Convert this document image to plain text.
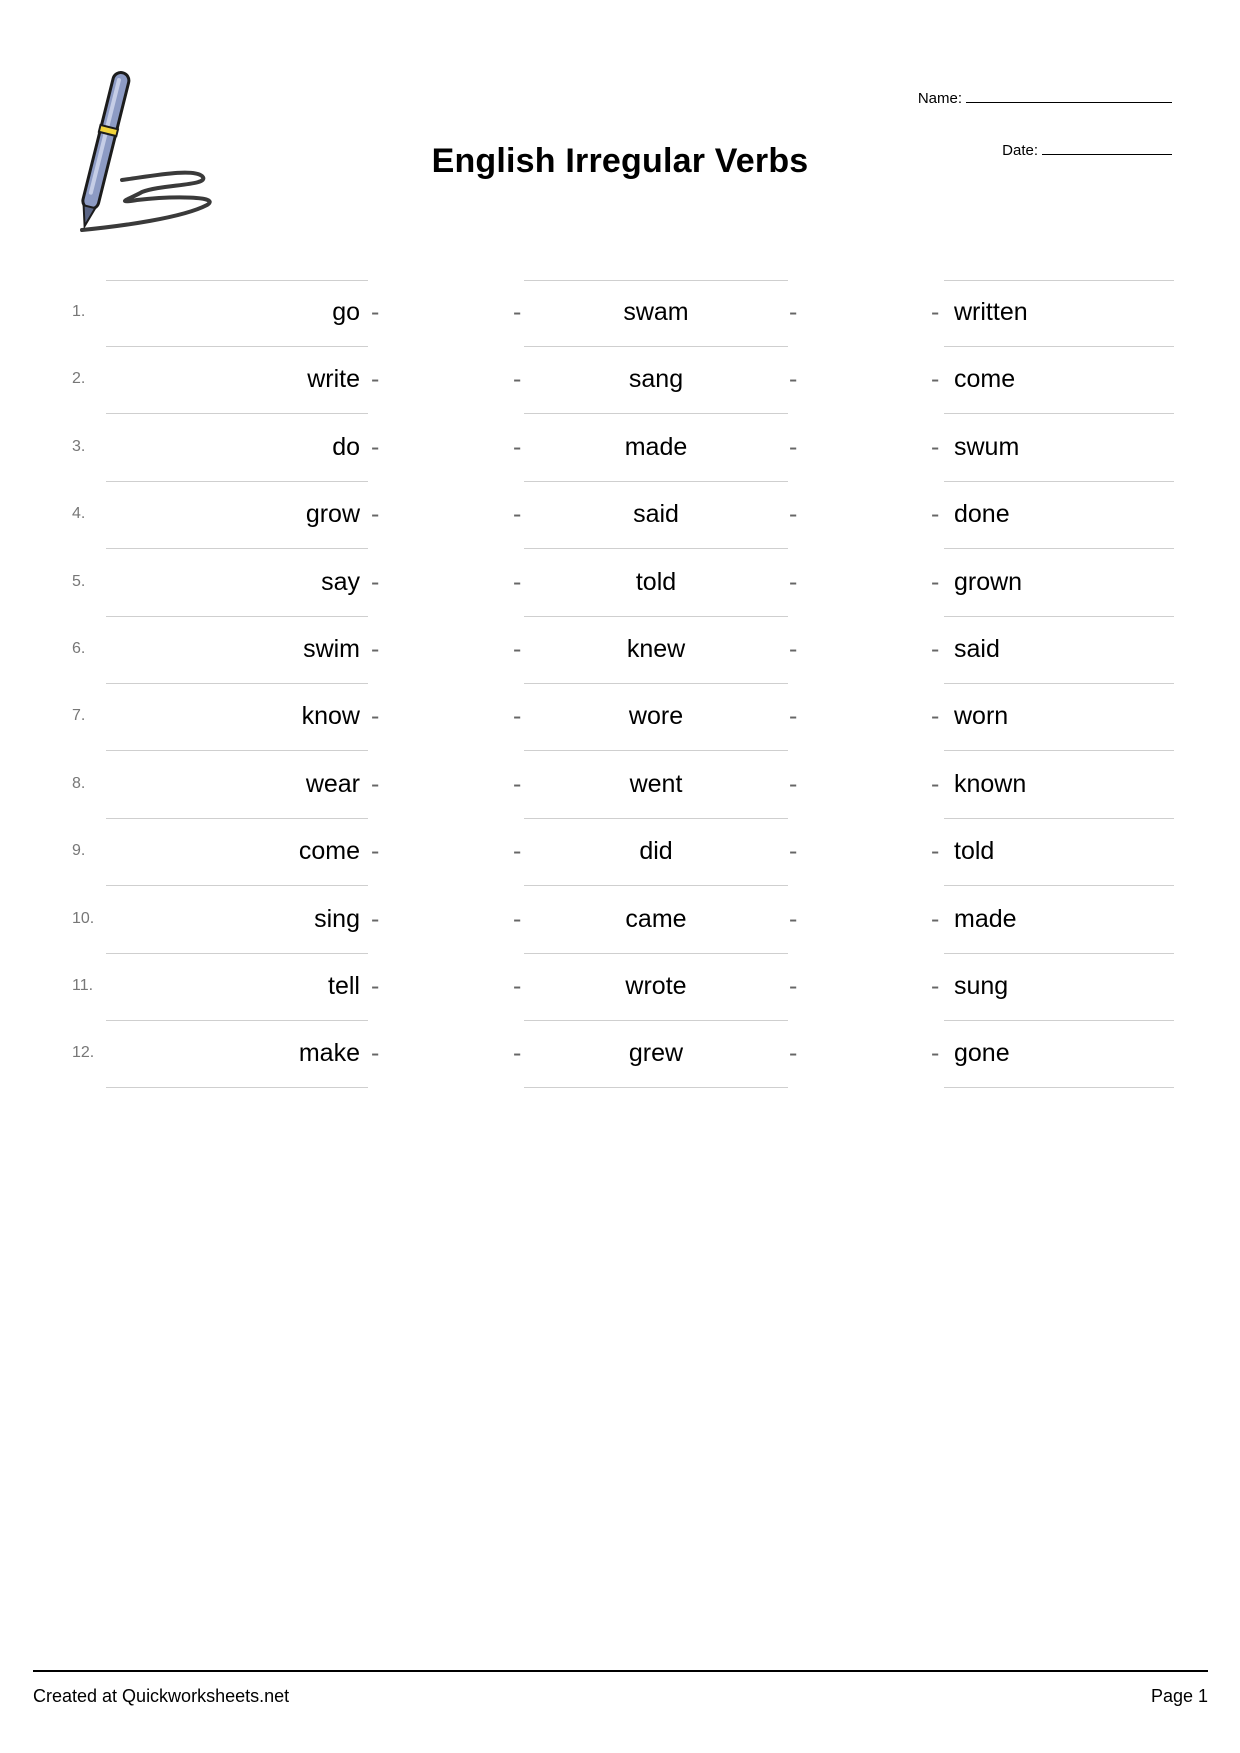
English Irregular Verbs
Name:
Date:
1.	go -	-	swam	-	- written
2.	write -	-	sang	-	- come
3.	do -	-	made	-	- swum
4.	grow -	-	said	-	- done
5.	say -	-	told	-	- grown
6.	swim -	-	knew	-	- said
7.	know -	-	wore	-	- worn
8.	wear -	-	went	-	- known
9.	come -	-	did	-	- told
10.	sing -	-	came	-	- made
11.	tell -	-	wrote	-	- sung
12.	make -	-	grew	-	- gone
Created at Quickworksheets.net	Page 1
